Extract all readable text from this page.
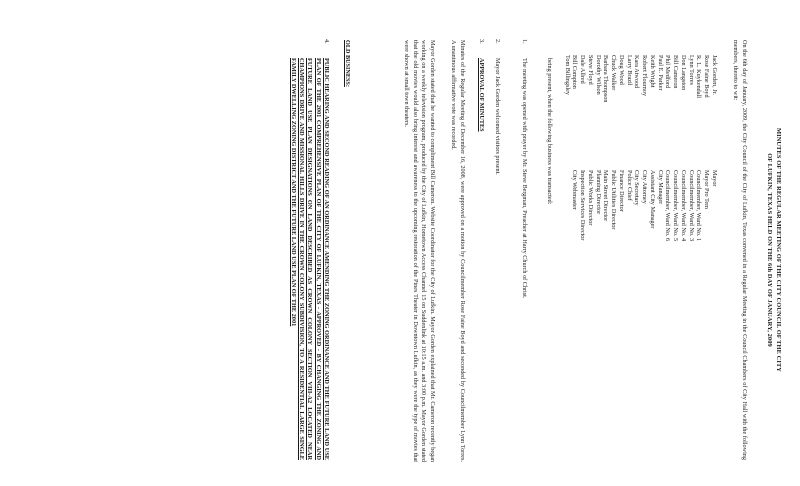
MINUTES OF THE REGULAR MEETING OF THE CITY COUNCIL OF THE CITY
OF LUFKIN, TEXAS HELD ON THE 6th DAY OF JANUARY, 2009
On the 6th day of January, 2009, the City Council of the City of Lufkin, Texas convened in a Regular Meeting in the Council Chambers of City Hall with the following members, thereto to wit:
Jack Gorden, Jr.
Mayor
Rose Faine Boyd
Mayor Pro Tem
R. L. Kuykendall
Councilmember, Ward No. 1
Lynn Torres
Councilmember, Ward No. 3
Don Langston
Councilmember, Ward No. 4
Bill Cameron
Councilmember, Ward No. 5
Phil Medford
Councilmember, Ward No. 6
Paul E. Parker
City Manager
Keith Wright
Assistant City Manager
Robert Flournoy
City Attorney
Kara Atwood
City Secretary
Larry Brazil
Police Chief
Doug Wood
Finance Director
Chuck Walker
Public Utilities Director
Barbara Thompson
Main Street Director
Dorothy Wilson
Planning Director
Steve Floyd
Public Works Director
Dale Allred
Inspection Services Director
Bill Compton
City Webmaster
Tom Billingsley
being present, when the following business was transacted:
1.
The meeting was opened with prayer by Mr. Steve Bergman, Preacher at Harry Church of Christ.
2.
Mayor Jack Gorden welcomed visitors present.
3.
APPROVAL OF MINUTES
Minutes of the Regular Meeting of December 16, 2008, were approved on a motion by Councilmember Rose Faine Boyd and seconded by Councilmember Lynn Torres. A unanimous affirmative vote was recorded.
Mayor Gorden stated that he wanted to compliment Bill Cameron. Website Coordinator for the City of Lufkin. Mayor Gorden explained that Mr. Cameron recently began working on a weekly television program, produced by the City of Lufkin, Hometown Access Channel 15 on Suddenlink at 10:15 a.m. and 3:00 p.m. Mayor Gorden stated that the old movies would also bring interest and awareness to the upcoming restoration of the Pines Theater in Downtown Lufkin, as they were the type of movies that were shown at small town theaters.
OLD BUSINESS:
4.
PUBLIC HEARING AND SECOND READING OF AN ORDINANCE AMENDING THE ZONING ORDINANCE AND THE FUTURE LAND USE PLAN OF THE 2001 COMPREHENSIVE PLAN OF THE CITY OF LUFKIN, TEXAS - APPROVED - BY CHANGING THE ZONING AND FUTURE LAND USE PLAN DESIGNATIONS ON LAND DESCRIBED AS CROWN COLONY SECTION VIII-A2 LOCATED NEAR CHAMPIONS DRIVE AND MISSIONAL HILLS DRIVE IN THE CROWN COLONY SUBDIVISION, TO A RESIDENTIAL LARGE SINGLE FAMILY DWELLING ZONING DISTRICT AND THE FUTURE LAND USE PLAN OF THE 2001
